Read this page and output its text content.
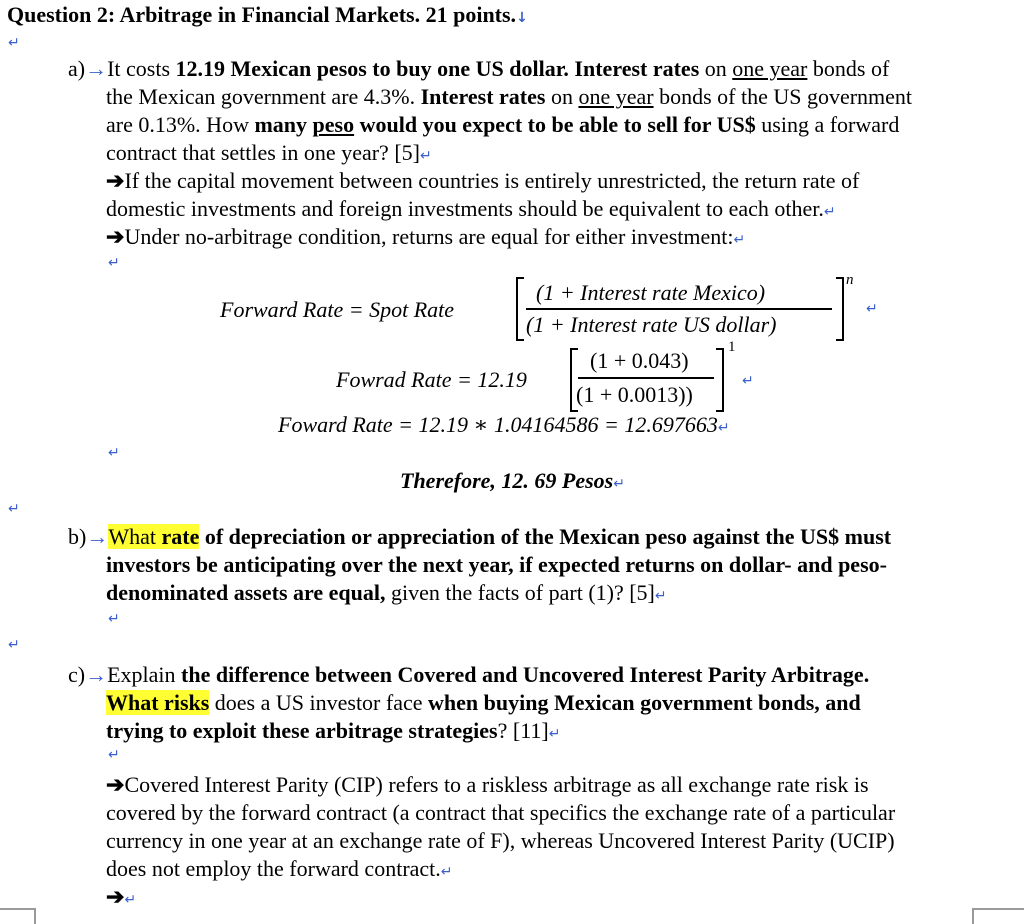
Question 2: Arbitrage in Financial Markets. 21 points.↓
↵
a)→It costs 12.19 Mexican pesos to buy one US dollar. Interest rates on one year bonds of
the Mexican government are 4.3%. Interest rates on one year bonds of the US government
are 0.13%. How many peso would you expect to be able to sell for US$ using a forward
contract that settles in one year? [5]↵
➔If the capital movement between countries is entirely unrestricted, the return rate of
domestic investments and foreign investments should be equivalent to each other.↵
➔Under no-arbitrage condition, returns are equal for either investment:↵
↵
Forward Rate = Spot Rate
(1 + Interest rate Mexico)
(1 + Interest rate US dollar)
n
↵
Fowrad Rate = 12.19
(1 + 0.043)
(1 + 0.0013))
1
↵
Foward Rate = 12.19 ∗ 1.04164586 = 12.697663↵
↵
Therefore, 12. 69 Pesos↵
↵
b)→What rate of depreciation or appreciation of the Mexican peso against the US$ must
investors be anticipating over the next year, if expected returns on dollar- and peso-
denominated assets are equal, given the facts of part (1)? [5]↵
↵
↵
c)→Explain the difference between Covered and Uncovered Interest Parity Arbitrage.
What risks does a US investor face when buying Mexican government bonds, and
trying to exploit these arbitrage strategies? [11]↵
↵
➔Covered Interest Parity (CIP) refers to a riskless arbitrage as all exchange rate risk is
covered by the forward contract (a contract that specifics the exchange rate of a particular
currency in one year at an exchange rate of F), whereas Uncovered Interest Parity (UCIP)
does not employ the forward contract.↵
➔↵
